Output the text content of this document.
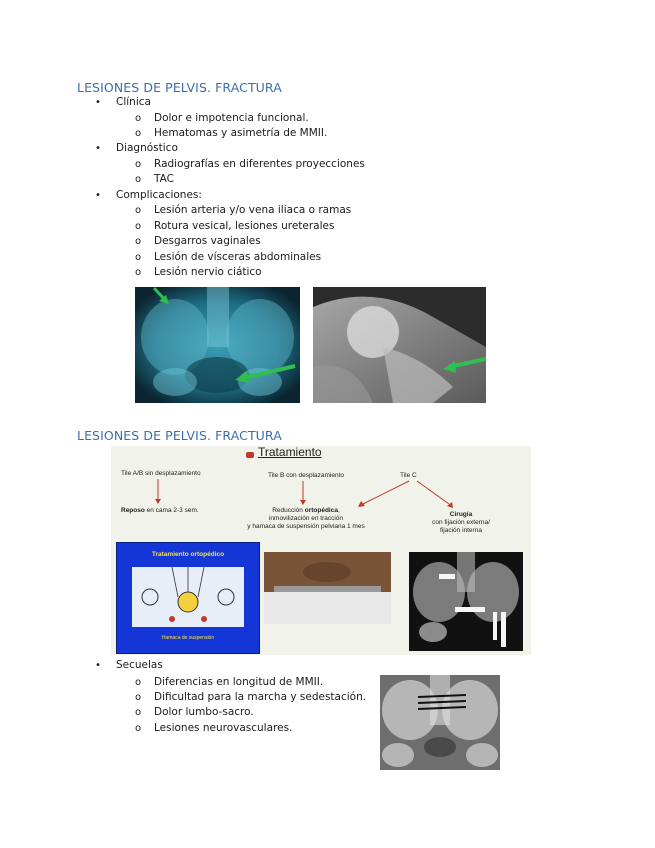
LESIONES DE PELVIS. FRACTURA
• Clínica
o Dolor e impotencia funcional.
o Hematomas y asimetría de MMII.
• Diagnóstico
o Radiografías en diferentes proyecciones
o TAC
• Complicaciones:
o Lesión arteria y/o vena iliaca o ramas
o Rotura vesical, lesiones ureterales
o Desgarros vaginales
o Lesión de vísceras abdominales
o Lesión nervio ciático
LESIONES DE PELVIS. FRACTURA
Tratamiento
Tile A/B sin desplazamiento	Tile B con desplazamiento	Tile C
Reposo en cama 2-3 sem.	Reducción ortopédica,
inmovilización en tracción
y hamaca de suspensión pelviana 1 mes
Cirugía
con fijación externa/
fijación interna
Tratamiento ortopédico
Hamaca de suspensión
• Secuelas
o Diferencias en longitud de MMII.
o Dificultad para la marcha y sedestación.
o Dolor lumbo-sacro.
o Lesiones neurovasculares.
